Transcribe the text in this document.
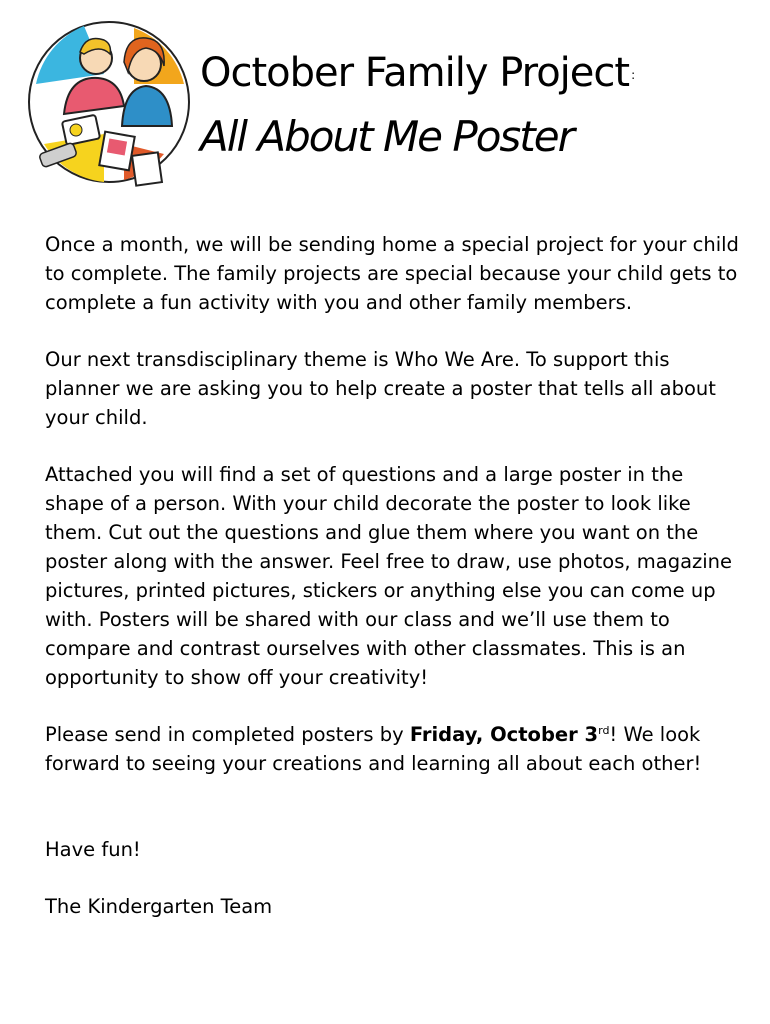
October Family Project :
All About Me Poster

Once a month, we will be sending home a special project for your child to complete. The family projects are special because your child gets to complete a fun activity with you and other family members.

Our next transdisciplinary theme is Who We Are. To support this planner we are asking you to help create a poster that tells all about your child.

Attached you will find a set of questions and a large poster in the shape of a person. With your child decorate the poster to look like them. Cut out the questions and glue them where you want on the poster along with the answer. Feel free to draw, use photos, magazine pictures, printed pictures, stickers or anything else you can come up with. Posters will be shared with our class and we’ll use them to compare and contrast ourselves with other classmates. This is an opportunity to show off your creativity!

Please send in completed posters by Friday, October 3rd! We look forward to seeing your creations and learning all about each other!

Have fun!

The Kindergarten Team
